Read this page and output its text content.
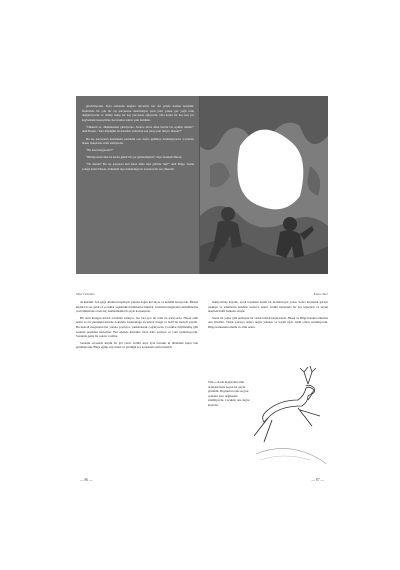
görebiliyordu. Kısa zamanda mağara duvarları her iki yönde kaman karanlık. Önlerinde bir çok bir taş parçasının üzerindeyse parıl parıl yanan gaz yağlı renk değiştiriyordu ve dönüp bakıp bir kaç parçasına ağlıyordu. Ona kadar bir kaç kez yol kaybetmek üzereydiler, her nasılsa tekrar yolu buldular.

“Dikkatli ol, düşünmeden gitmiyoruz. Sadece biraz daha ileride bir açıklık olmalı,” dedi Hasan. “Zira düştüğün bu karanlık yollardan sen çıkış yolu biliyor musun?”

Bu taş parçasının üzerindeki parlaklık ona doğru geldikçe derinleşiyordu. Çocuklar ürkek bakışlarla etrafı süzüyordu.

“Bu nasıl mağaradır?”

“Bilmiyorum ama bu kadar güzel bir yer görmemiştim,” diye fısıldadı Hasan.

“Ne dersin? Bu taş parçaları bizi biraz daha ileri götürür mü?” dedi Bilge. Soluk soluğa kalan Hasan, önündeki taşa dokunduğu an sessizce bir ses yükseldi.

Sibel Özbudun

da kendini. Son göğe dönmesi kapalıydı yanıma doğru kıvrılıyor ve kendini koruyordu. Birden küçük bir ses geldi ve çocuklar şaşkınlıkla birbirlerine baktılar. Gözlerini mağaranın derinliklerine çevirdiklerinde orada hiç beklenmedik bir şeyle karşılaştılar.

Bir sürü kırılgan kristal tavandan sarkıyor, her biri ayrı bir renk ile parlıyordu. Hasan elini uzattı ve en yakındaki kristale dokundu. Dokunduğu an kristal titreşti ve hafif bir melodi yayıldı. Bu melodi mağaranın her yanına yayılıyor, yankılanarak çoğalıyordu. Çocuklar büyülenmiş gibi seslerin peşinden ilerlediler. Her adımda kristaller biraz daha parlıyor ve yolu aydınlatıyordu. Sonunda geniş bir salona vardılar.

Salonun ortasında küçük bir göl vardı. Gölün suyu öyle berraktı ki dibindeki taşlar bile görünüyordu. Bilge eğilip suya baktı ve gördüğü şey karşısında nefesi kesildi.

— 86 —
Kaan Okur

bekliyormuş kayalık, sıcak kayalıkta kendi bir korkmasıydı yolsu. Sonra kaçmalık göreye çıkmıştı ve adımlarını kendine sessizce uzattı. Gölün kenarında bir şey kıpırdadı ve suyun üzerinde hafif halkalar oluştu.

Sonra bir yıldız gibi ışıldayan bir varlık belirdi karşılarında. Hasan ve Bilge hareket etmeden onu izlediler. Varlık yavaşça onlara doğru yaklaştı ve başını eğdi, sanki onları selamlıyordu. Bilge korkusunu unuttu ve elini uzattı.

Tam o sırada mağaranın öbür ucundan hızla koşan bir geyik göründü. Boynuzları ışık saçıyor, ayakları yere değmeden süzülüyordu. Çocuklar ona doğru koştular.
— 87 —
